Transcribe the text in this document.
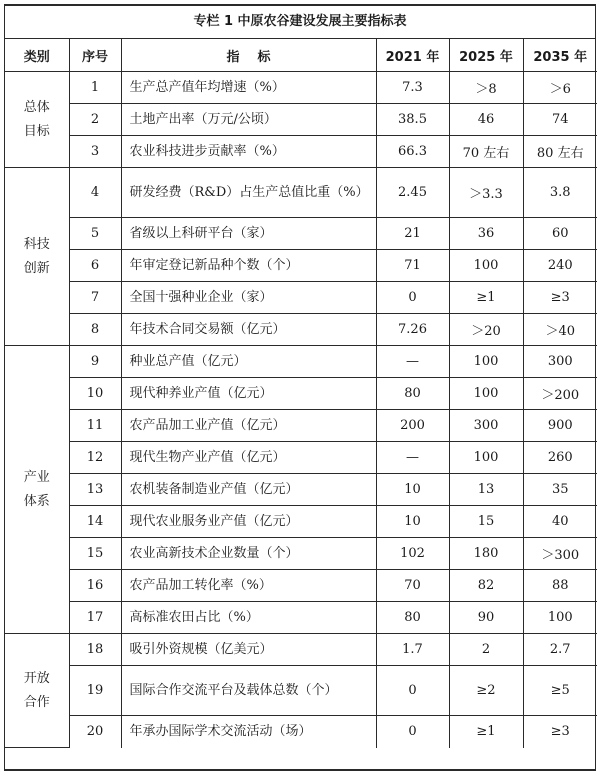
专栏 1 中原农谷建设发展主要指标表
类别	序号	指    标	2021 年	2025 年	2035 年

总体
目标	1	生产总产值年均增速（%）	7.3	＞8	＞6
	2	土地产出率（万元/公顷）	38.5	46	74
	3	农业科技进步贡献率（%）	66.3	70 左右	80 左右

科技
创新	4	研发经费（R&D）占生产总值比重（%）	2.45	＞3.3	3.8
	5	省级以上科研平台（家）	21	36	60
	6	年审定登记新品种个数（个）	71	100	240
	7	全国十强种业企业（家）	0	≥1	≥3
	8	年技术合同交易额（亿元）	7.26	＞20	＞40

产业
体系	9	种业总产值（亿元）	—	100	300
	10	现代种养业产值（亿元）	80	100	＞200
	11	农产品加工业产值（亿元）	200	300	900
	12	现代生物产业产值（亿元）	—	100	260
	13	农机装备制造业产值（亿元）	10	13	35
	14	现代农业服务业产值（亿元）	10	15	40
	15	农业高新技术企业数量（个）	102	180	＞300
	16	农产品加工转化率（%）	70	82	88
	17	高标准农田占比（%）	80	90	100

开放
合作	18	吸引外资规模（亿美元）	1.7	2	2.7
	19	国际合作交流平台及载体总数（个）	0	≥2	≥5
	20	年承办国际学术交流活动（场）	0	≥1	≥3
